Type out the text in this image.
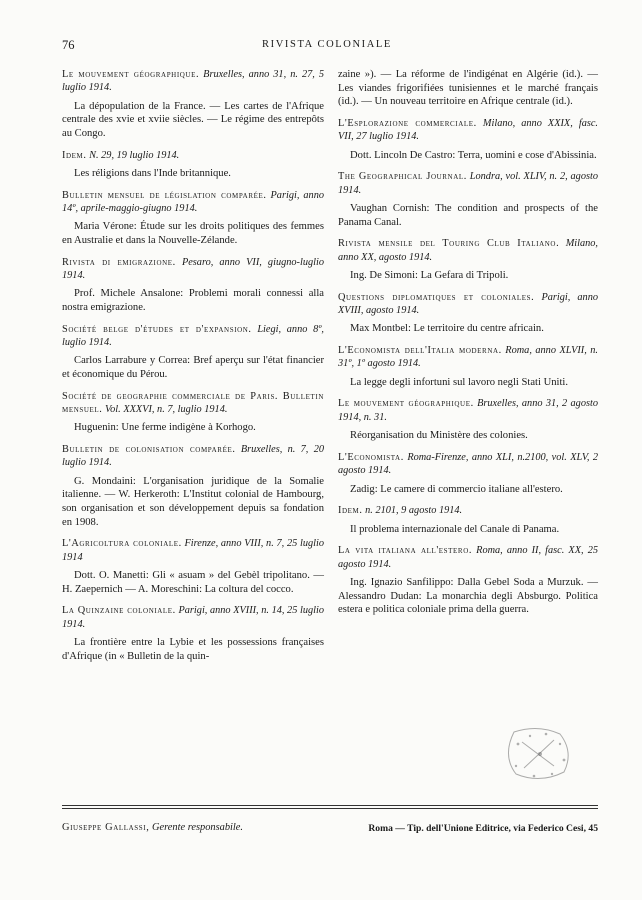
76	RIVISTA COLONIALE

Le mouvement géographique. Bruxelles, anno 31, n. 27, 5 luglio 1914.

La dépopulation de la France. — Les cartes de l'Afrique centrale des xvie et xviie siècles. — Le régime des entrepôts au Congo.

Idem. N. 29, 19 luglio 1914.

Les réligions dans l'Inde britannique.

Bulletin mensuel de législation comparée. Parigi, anno 14º, aprile-maggio-giugno 1914.

Maria Vérone: Étude sur les droits politiques des femmes en Australie et dans la Nouvelle-Zélande.

Rivista di emigrazione. Pesaro, anno VII, giugno-luglio 1914.

Prof. Michele Ansalone: Problemi morali connessi alla nostra emigrazione.

Société belge d'études et d'expansion. Liegi, anno 8º, luglio 1914.

Carlos Larrabure y Correa: Bref aperçu sur l'état financier et économique du Pérou.

Société de geographie commerciale de Paris. Bulletin mensuel. Vol. XXXVI, n. 7, luglio 1914.

Huguenin: Une ferme indigène à Korhogo.

Bulletin de colonisation comparée. Bruxelles, n. 7, 20 luglio 1914.

G. Mondaini: L'organisation juridique de la Somalie italienne. — W. Herkeroth: L'Institut colonial de Hambourg, son organisation et son développement depuis sa fondation en 1908.

L'Agricoltura coloniale. Firenze, anno VIII, n. 7, 25 luglio 1914

Dott. O. Manetti: Gli « asuam » del Gebèl tripolitano. — H. Zaepernich — A. Moreschini: La coltura del cocco.

La Quinzaine coloniale. Parigi, anno XVIII, n. 14, 25 luglio 1914.

La frontière entre la Lybie et les possessions françaises d'Afrique (in « Bulletin de la quin-

zaine »). — La réforme de l'indigénat en Algérie (id.). — Les viandes frigorifiées tunisiennes et le marché français (id.). — Un nouveau territoire en Afrique centrale (id.).

L'Esplorazione commerciale. Milano, anno XXIX, fasc. VII, 27 luglio 1914.

Dott. Lincoln De Castro: Terra, uomini e cose d'Abissinia.

The Geographical Journal. Londra, vol. XLIV, n. 2, agosto 1914.

Vaughan Cornish: The condition and prospects of the Panama Canal.

Rivista mensile del Touring Club Italiano. Milano, anno XX, agosto 1914.

Ing. De Simoni: La Gefara di Tripoli.

Questions diplomatiques et coloniales. Parigi, anno XVIII, agosto 1914.

Max Montbel: Le territoire du centre africain.

L'Economista dell'Italia moderna. Roma, anno XLVII, n. 31º, 1º agosto 1914.

La legge degli infortuni sul lavoro negli Stati Uniti.

Le mouvement géographique. Bruxelles, anno 31, 2 agosto 1914, n. 31.

Réorganisation du Ministère des colonies.

L'Economista. Roma-Firenze, anno XLI, n.2100, vol. XLV, 2 agosto 1914.

Zadig: Le camere di commercio italiane all'estero.

Idem. n. 2101, 9 agosto 1914.

Il problema internazionale del Canale di Panama.

La vita italiana all'estero. Roma, anno II, fasc. XX, 25 agosto 1914.

Ing. Ignazio Sanfilippo: Dalla Gebel Soda a Murzuk. — Alessandro Dudan: La monarchia degli Absburgo. Politica estera e politica coloniale prima della guerra.

Giuseppe Gallassi, Gerente responsabile.	Roma — Tip. dell'Unione Editrice, via Federico Cesi, 45
